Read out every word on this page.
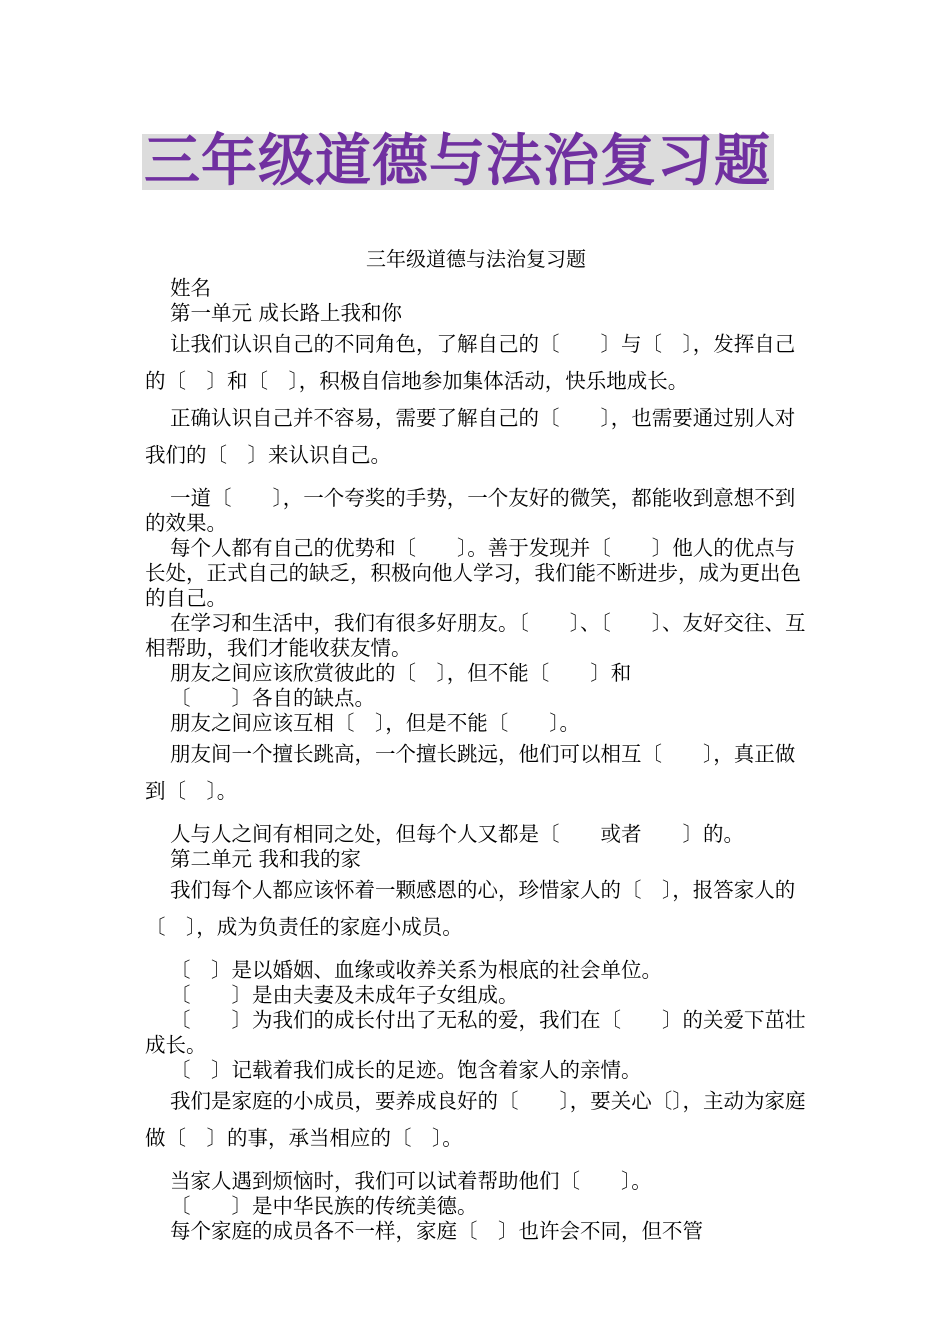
三年级道德与法治复习题
三年级道德与法治复习题
姓名
第一单元 成长路上我和你
让我们认识自己的不同角色，了解自己的〔　　〕与〔　〕，发挥自己的〔　〕和〔　〕，积极自信地参加集体活动，快乐地成长。
正确认识自己并不容易，需要了解自己的〔　　〕，也需要通过别人对我们的〔　〕来认识自己。
一道〔　　〕，一个夸奖的手势，一个友好的微笑，都能收到意想不到的效果。
每个人都有自己的优势和〔　　〕。善于发现并〔　　〕他人的优点与长处，正式自己的缺乏，积极向他人学习，我们能不断进步，成为更出色的自己。
在学习和生活中，我们有很多好朋友。〔　　〕、〔　　〕、友好交往、互相帮助，我们才能收获友情。
朋友之间应该欣赏彼此的〔　〕，但不能〔　　〕和
〔　　〕各自的缺点。
朋友之间应该互相〔　〕，但是不能〔　　〕。
朋友间一个擅长跳高，一个擅长跳远，他们可以相互〔　　〕，真正做到〔　〕。
人与人之间有相同之处，但每个人又都是〔　　或者　　〕的。
第二单元 我和我的家
我们每个人都应该怀着一颗感恩的心，珍惜家人的〔　〕，报答家人的〔　〕，成为负责任的家庭小成员。
〔　〕是以婚姻、血缘或收养关系为根底的社会单位。
〔　　〕是由夫妻及未成年子女组成。
〔　　〕为我们的成长付出了无私的爱，我们在〔　　〕的关爱下茁壮成长。
〔　〕记载着我们成长的足迹。饱含着家人的亲情。
我们是家庭的小成员，要养成良好的〔　　〕，要关心〔〕，主动为家庭做〔　〕的事，承当相应的〔　〕。
当家人遇到烦恼时，我们可以试着帮助他们〔　　〕。
〔　　〕是中华民族的传统美德。
每个家庭的成员各不一样，家庭〔　〕也许会不同，但不管
